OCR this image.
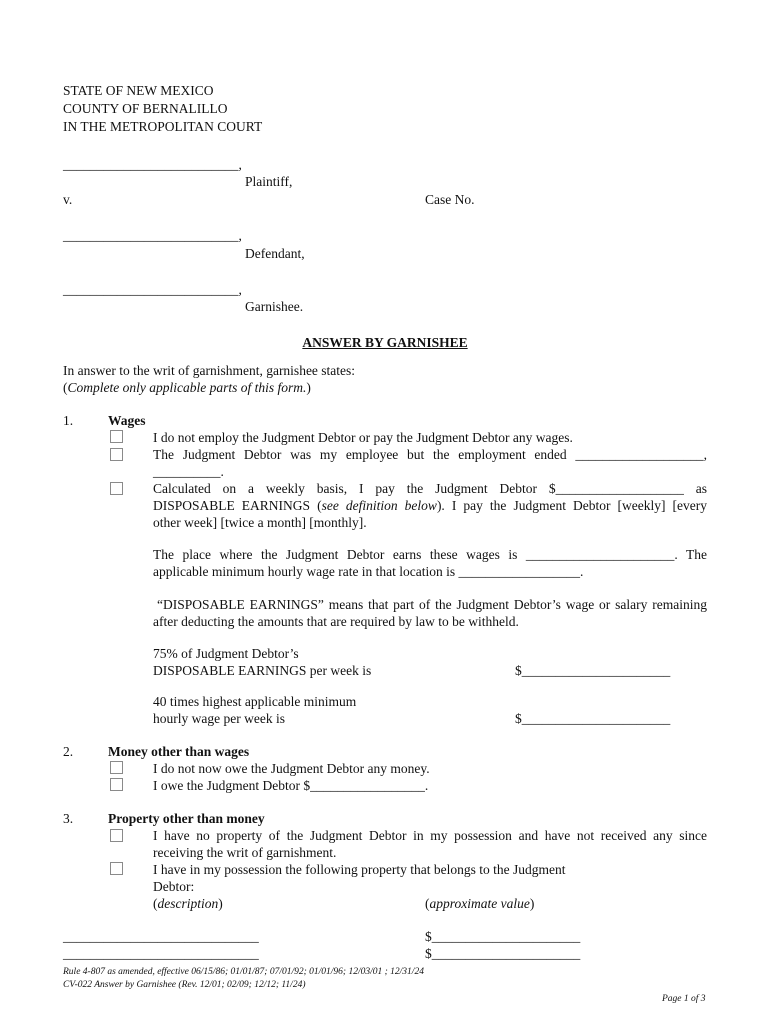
STATE OF NEW MEXICO
COUNTY OF BERNALILLO
IN THE METROPOLITAN COURT
__________________________,
Plaintiff,
v.	Case No.
__________________________,
Defendant,
__________________________,
Garnishee.
ANSWER BY GARNISHEE
In answer to the writ of garnishment, garnishee states:
(Complete only applicable parts of this form.)
1.	Wages
I do not employ the Judgment Debtor or pay the Judgment Debtor any wages.
The Judgment Debtor was my employee but the employment ended ___________________,
__________.
Calculated on a weekly basis, I pay the Judgment Debtor $___________________ as
DISPOSABLE EARNINGS (see definition below). I pay the Judgment Debtor [weekly] [every
other week] [twice a month] [monthly].
The place where the Judgment Debtor earns these wages is ______________________. The
applicable minimum hourly wage rate in that location is __________________.
“DISPOSABLE EARNINGS” means that part of the Judgment Debtor’s wage or salary remaining
after deducting the amounts that are required by law to be withheld.
75% of Judgment Debtor’s
DISPOSABLE EARNINGS per week is	$______________________
40 times highest applicable minimum
hourly wage per week is	$______________________
2.	Money other than wages
I do not now owe the Judgment Debtor any money.
I owe the Judgment Debtor $_________________.
3.	Property other than money
I have no property of the Judgment Debtor in my possession and have not received any since
receiving the writ of garnishment.
I have in my possession the following property that belongs to the Judgment
Debtor:
(description)	(approximate value)
_____________________________	$______________________
_____________________________	$______________________
Rule 4-807 as amended, effective 06/15/86; 01/01/87; 07/01/92; 01/01/96; 12/03/01 ; 12/31/24
CV-022 Answer by Garnishee (Rev. 12/01; 02/09; 12/12; 11/24)
Page 1 of 3
